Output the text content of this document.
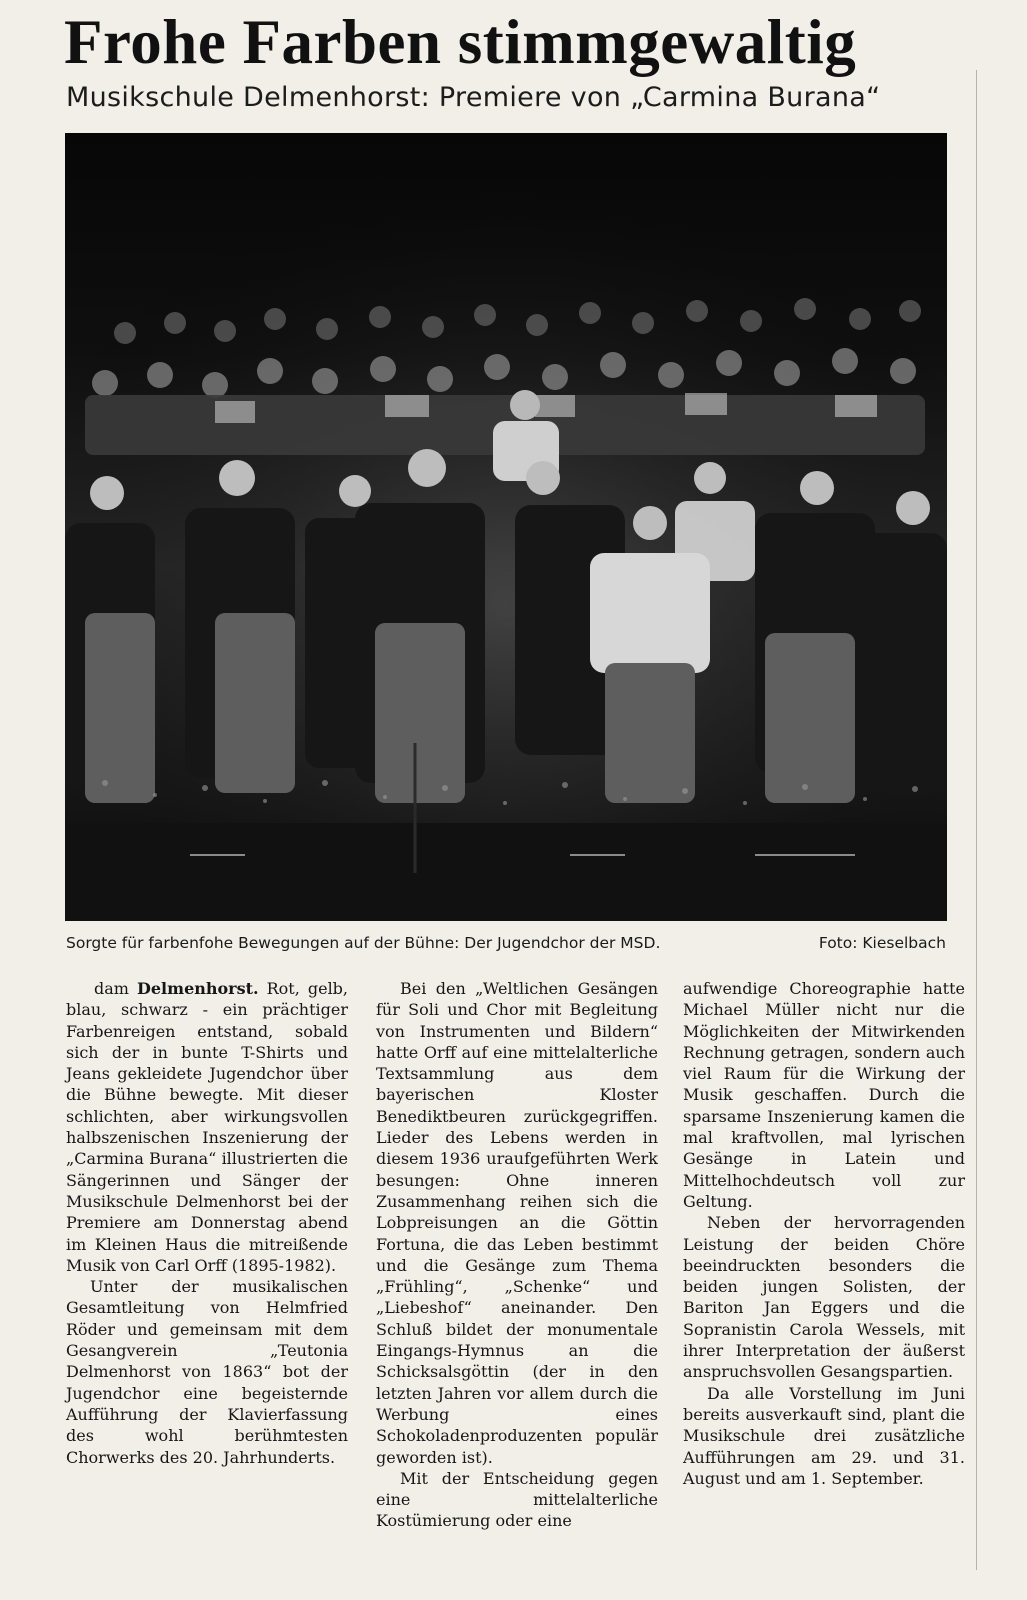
Frohe Farben stimmgewaltig
Musikschule Delmenhorst: Premiere von „Carmina Burana“
Sorgte für farbenfohe Bewegungen auf der Bühne: Der Jugendchor der MSD.	Foto: Kieselbach

dam Delmenhorst. Rot, gelb, blau, schwarz - ein prächtiger Farbenreigen entstand, sobald sich der in bunte T-Shirts und Jeans gekleidete Jugendchor über die Bühne bewegte. Mit dieser schlichten, aber wirkungsvollen halbszenischen Inszenierung der „Carmina Burana“ illustrierten die Sängerinnen und Sänger der Musikschule Delmenhorst bei der Premiere am Donnerstag abend im Kleinen Haus die mitreißende Musik von Carl Orff (1895-1982).

Unter der musikalischen Gesamtleitung von Helmfried Röder und gemeinsam mit dem Gesangverein „Teutonia Delmenhorst von 1863“ bot der Jugendchor eine begeisternde Aufführung der Klavierfassung des wohl berühmtesten Chorwerks des 20. Jahrhunderts.

Bei den „Weltlichen Gesängen für Soli und Chor mit Begleitung von Instrumenten und Bildern“ hatte Orff auf eine mittelalterliche Textsammlung aus dem bayerischen Kloster Benediktbeuren zurückgegriffen. Lieder des Lebens werden in diesem 1936 uraufgeführten Werk besungen: Ohne inneren Zusammenhang reihen sich die Lobpreisungen an die Göttin Fortuna, die das Leben bestimmt und die Gesänge zum Thema „Frühling“, „Schenke“ und „Liebeshof“ aneinander. Den Schluß bildet der monumentale Eingangs-Hymnus an die Schicksalsgöttin (der in den letzten Jahren vor allem durch die Werbung eines Schokoladenproduzenten populär geworden ist).

Mit der Entscheidung gegen eine mittelalterliche Kostümierung oder eine

aufwendige Choreographie hatte Michael Müller nicht nur die Möglichkeiten der Mitwirkenden Rechnung getragen, sondern auch viel Raum für die Wirkung der Musik geschaffen. Durch die sparsame Inszenierung kamen die mal kraftvollen, mal lyrischen Gesänge in Latein und Mittelhochdeutsch voll zur Geltung.

Neben der hervorragenden Leistung der beiden Chöre beeindruckten besonders die beiden jungen Solisten, der Bariton Jan Eggers und die Sopranistin Carola Wessels, mit ihrer Interpretation der äußerst anspruchsvollen Gesangspartien.

Da alle Vorstellung im Juni bereits ausverkauft sind, plant die Musikschule drei zusätzliche Aufführungen am 29. und 31. August und am 1. September.
